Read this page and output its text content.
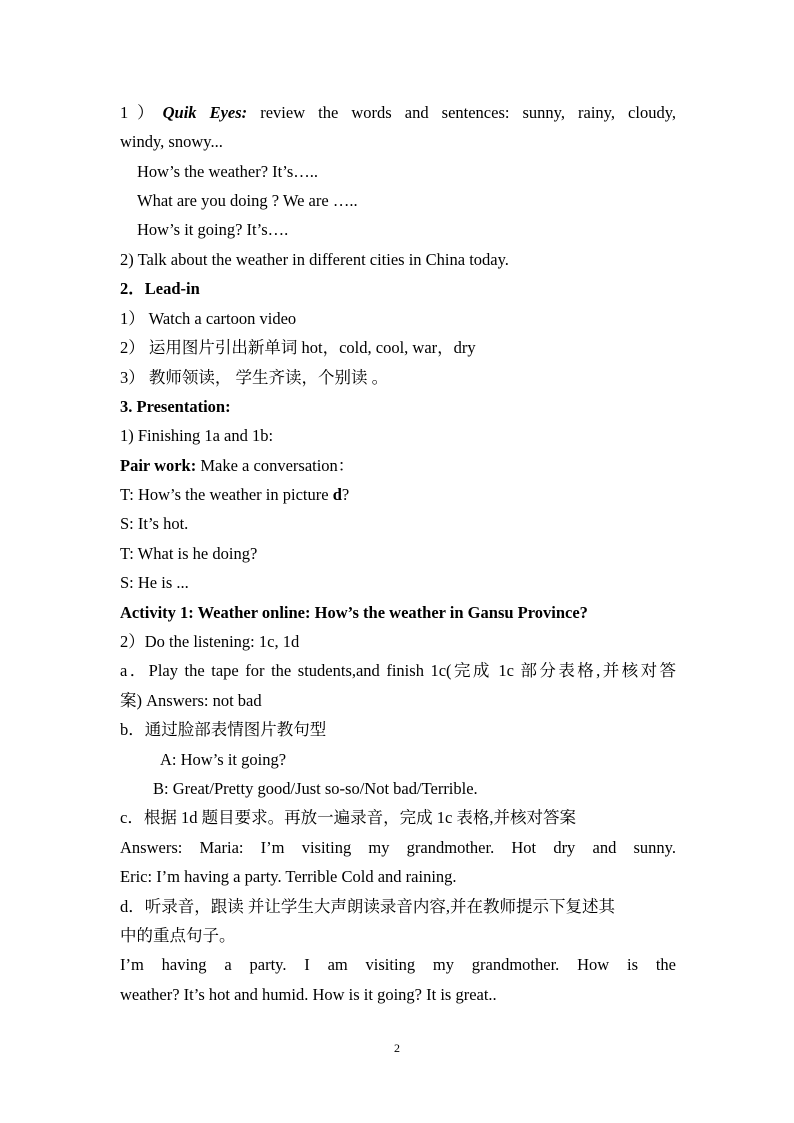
1）Quik Eyes: review the words and sentences: sunny, rainy, cloudy,
windy, snowy...
How’s the weather? It’s…..
What are you doing ? We are …..
How’s it going? It’s….
2) Talk about the weather in different cities in China today.
2．Lead-in
1） Watch a cartoon video
2） 运用图片引出新单词 hot，cold, cool, war，dry
3） 教师领读， 学生齐读，个别读 。
3. Presentation:
1) Finishing 1a and 1b:
Pair work: Make a conversation：
T: How’s the weather in picture d?
S: It’s hot.
T: What is he doing?
S: He is ...
Activity 1: Weather online: How’s the weather in Gansu Province?
2）Do the listening: 1c, 1d
a．Play the tape for the students,and finish 1c(完成 1c 部分表格,并核对答
案) Answers: not bad
b．通过脸部表情图片教句型
A: How’s it going?
B: Great/Pretty good/Just so-so/Not bad/Terrible.
c．根据 1d 题目要求。再放一遍录音，完成 1c 表格,并核对答案
Answers: Maria: I’m visiting my grandmother. Hot dry and sunny.
Eric: I’m having a party. Terrible Cold and raining.
d．听录音，跟读 并让学生大声朗读录音内容,并在教师提示下复述其
中的重点句子。
I’m having a party. I am visiting my grandmother. How is the
weather? It’s hot and humid. How is it going? It is great..
2
